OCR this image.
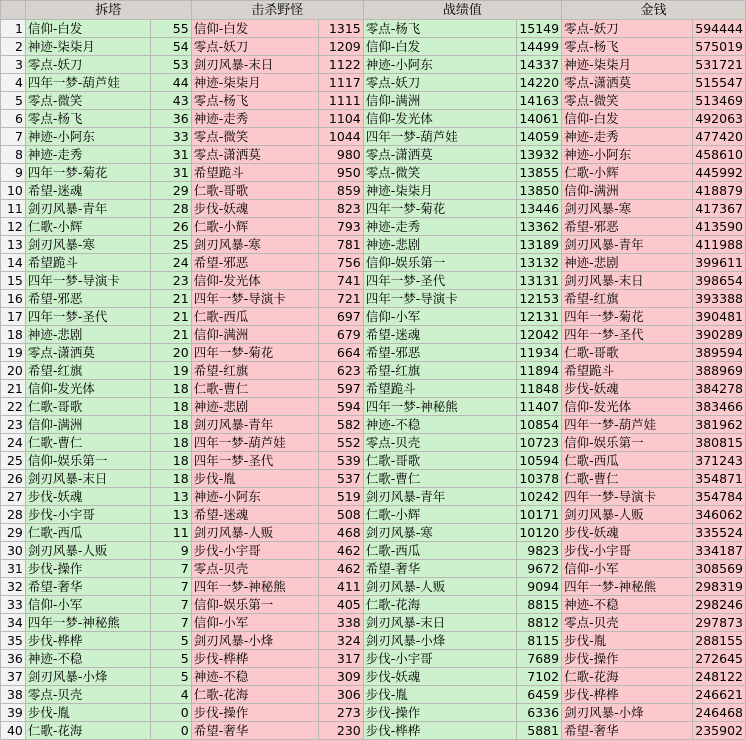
	拆塔		击杀野怪		战绩值		金钱	
1	信仰-白发	55	信仰-白发	1315	零点-杨飞	15149	零点-妖刀	594444
2	神迹-柒柒月	54	零点-妖刀	1209	信仰-白发	14499	零点-杨飞	575019
3	零点-妖刀	53	剑刃风暴-末日	1122	神迹-小阿东	14337	神迹-柒柒月	531721
4	四年一梦-葫芦娃	44	神迹-柒柒月	1117	零点-妖刀	14220	零点-潇洒莫	515547
5	零点-微笑	43	零点-杨飞	1111	信仰-满洲	14163	零点-微笑	513469
6	零点-杨飞	36	神迹-走秀	1104	信仰-发光体	14061	信仰-白发	492063
7	神迹-小阿东	33	零点-微笑	1044	四年一梦-葫芦娃	14059	神迹-走秀	477420
8	神迹-走秀	31	零点-潇洒莫	980	零点-潇洒莫	13932	神迹-小阿东	458610
9	四年一梦-菊花	31	希望跪斗	950	零点-微笑	13855	仁歌-小辉	445992
10	希望-迷魂	29	仁歌-哥歌	859	神迹-柒柒月	13850	信仰-满洲	418879
11	剑刃风暴-青年	28	步伐-妖魂	823	四年一梦-菊花	13446	剑刃风暴-寒	417367
12	仁歌-小辉	26	仁歌-小辉	793	神迹-走秀	13362	希望-邪恶	413590
13	剑刃风暴-寒	25	剑刃风暴-寒	781	神迹-悲剧	13189	剑刃风暴-青年	411988
14	希望跪斗	24	希望-邪恶	756	信仰-娱乐第一	13132	神迹-悲剧	399611
15	四年一梦-导演卡	23	信仰-发光体	741	四年一梦-圣代	13131	剑刃风暴-末日	398654
16	希望-邪恶	21	四年一梦-导演卡	721	四年一梦-导演卡	12153	希望-红旗	393388
17	四年一梦-圣代	21	仁歌-西瓜	697	信仰-小军	12131	四年一梦-菊花	390481
18	神迹-悲剧	21	信仰-满洲	679	希望-迷魂	12042	四年一梦-圣代	390289
19	零点-潇洒莫	20	四年一梦-菊花	664	希望-邪恶	11934	仁歌-哥歌	389594
20	希望-红旗	19	希望-红旗	623	希望-红旗	11894	希望跪斗	388969
21	信仰-发光体	18	仁歌-曹仁	597	希望跪斗	11848	步伐-妖魂	384278
22	仁歌-哥歌	18	神迹-悲剧	594	四年一梦-神秘熊	11407	信仰-发光体	383466
23	信仰-满洲	18	剑刃风暴-青年	582	神迹-不稳	10854	四年一梦-葫芦娃	381962
24	仁歌-曹仁	18	四年一梦-葫芦娃	552	零点-贝壳	10723	信仰-娱乐第一	380815
25	信仰-娱乐第一	18	四年一梦-圣代	539	仁歌-哥歌	10594	仁歌-西瓜	371243
26	剑刃风暴-末日	18	步伐-胤	537	仁歌-曹仁	10378	仁歌-曹仁	354871
27	步伐-妖魂	13	神迹-小阿东	519	剑刃风暴-青年	10242	四年一梦-导演卡	354784
28	步伐-小宇哥	13	希望-迷魂	508	仁歌-小辉	10171	剑刃风暴-人贩	346062
29	仁歌-西瓜	11	剑刃风暴-人贩	468	剑刃风暴-寒	10120	步伐-妖魂	335524
30	剑刃风暴-人贩	9	步伐-小宇哥	462	仁歌-西瓜	9823	步伐-小宇哥	334187
31	步伐-操作	7	零点-贝壳	462	希望-奢华	9672	信仰-小军	308569
32	希望-奢华	7	四年一梦-神秘熊	411	剑刃风暴-人贩	9094	四年一梦-神秘熊	298319
33	信仰-小军	7	信仰-娱乐第一	405	仁歌-花海	8815	神迹-不稳	298246
34	四年一梦-神秘熊	7	信仰-小军	338	剑刃风暴-末日	8812	零点-贝壳	297873
35	步伐-桦桦	5	剑刃风暴-小烽	324	剑刃风暴-小烽	8115	步伐-胤	288155
36	神迹-不稳	5	步伐-桦桦	317	步伐-小宇哥	7689	步伐-操作	272645
37	剑刃风暴-小烽	5	神迹-不稳	309	步伐-妖魂	7102	仁歌-花海	248122
38	零点-贝壳	4	仁歌-花海	306	步伐-胤	6459	步伐-桦桦	246621
39	步伐-胤	0	步伐-操作	273	步伐-操作	6336	剑刃风暴-小烽	246468
40	仁歌-花海	0	希望-奢华	230	步伐-桦桦	5881	希望-奢华	235902
